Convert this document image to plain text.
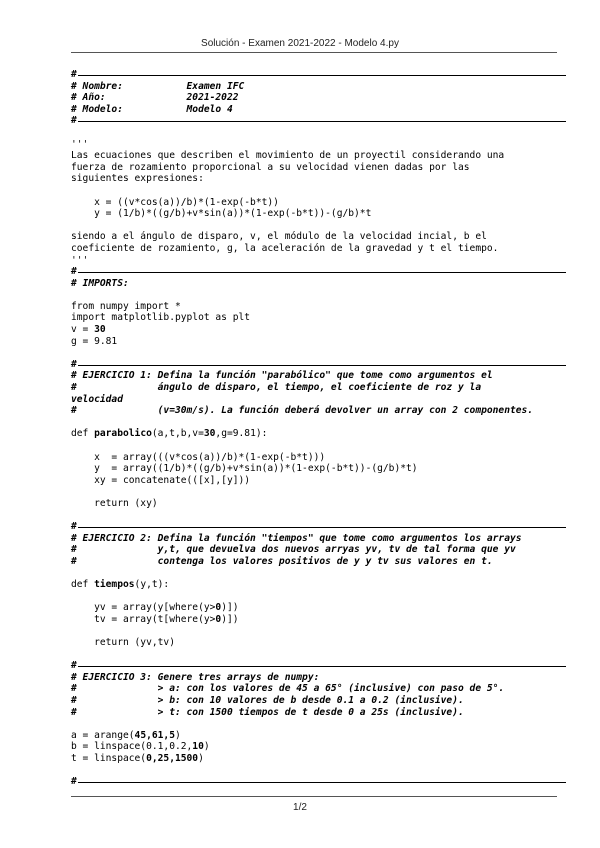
Solución - Examen 2021-2022 - Modelo 4.py
#
# Nombre:           Examen IFC
# Año:              2021-2022
# Modelo:           Modelo 4
#
'''
Las ecuaciones que describen el movimiento de un proyectil considerando una
fuerza de rozamiento proporcional a su velocidad vienen dadas por las
siguientes expresiones:
x = ((v*cos(a))/b)*(1-exp(-b*t))
y = (1/b)*((g/b)+v*sin(a))*(1-exp(-b*t))-(g/b)*t
siendo a el ángulo de disparo, v, el módulo de la velocidad incial, b el
coeficiente de rozamiento, g, la aceleración de la gravedad y t el tiempo.
'''
#
# IMPORTS:
from numpy import *
import matplotlib.pyplot as plt
v = 30
g = 9.81
#
# EJERCICIO 1: Defina la función "parabólico" que tome como argumentos el
#              ángulo de disparo, el tiempo, el coeficiente de roz y la
velocidad
#              (v=30m/s). La función deberá devolver un array con 2 componentes.
def parabolico(a,t,b,v=30,g=9.81):
x  = array(((v*cos(a))/b)*(1-exp(-b*t)))
y  = array((1/b)*((g/b)+v*sin(a))*(1-exp(-b*t))-(g/b)*t)
xy = concatenate(([x],[y]))
return (xy)
#
# EJERCICIO 2: Defina la función "tiempos" que tome como argumentos los arrays
#              y,t, que devuelva dos nuevos arryas yv, tv de tal forma que yv
#              contenga los valores positivos de y y tv sus valores en t.
def tiempos(y,t):
yv = array(y[where(y>0)])
tv = array(t[where(y>0)])
return (yv,tv)
#
# EJERCICIO 3: Genere tres arrays de numpy:
#              > a: con los valores de 45 a 65° (inclusive) con paso de 5°.
#              > b: con 10 valores de b desde 0.1 a 0.2 (inclusive).
#              > t: con 1500 tiempos de t desde 0 a 25s (inclusive).
a = arange(45,61,5)
b = linspace(0.1,0.2,10)
t = linspace(0,25,1500)
#
1/2
